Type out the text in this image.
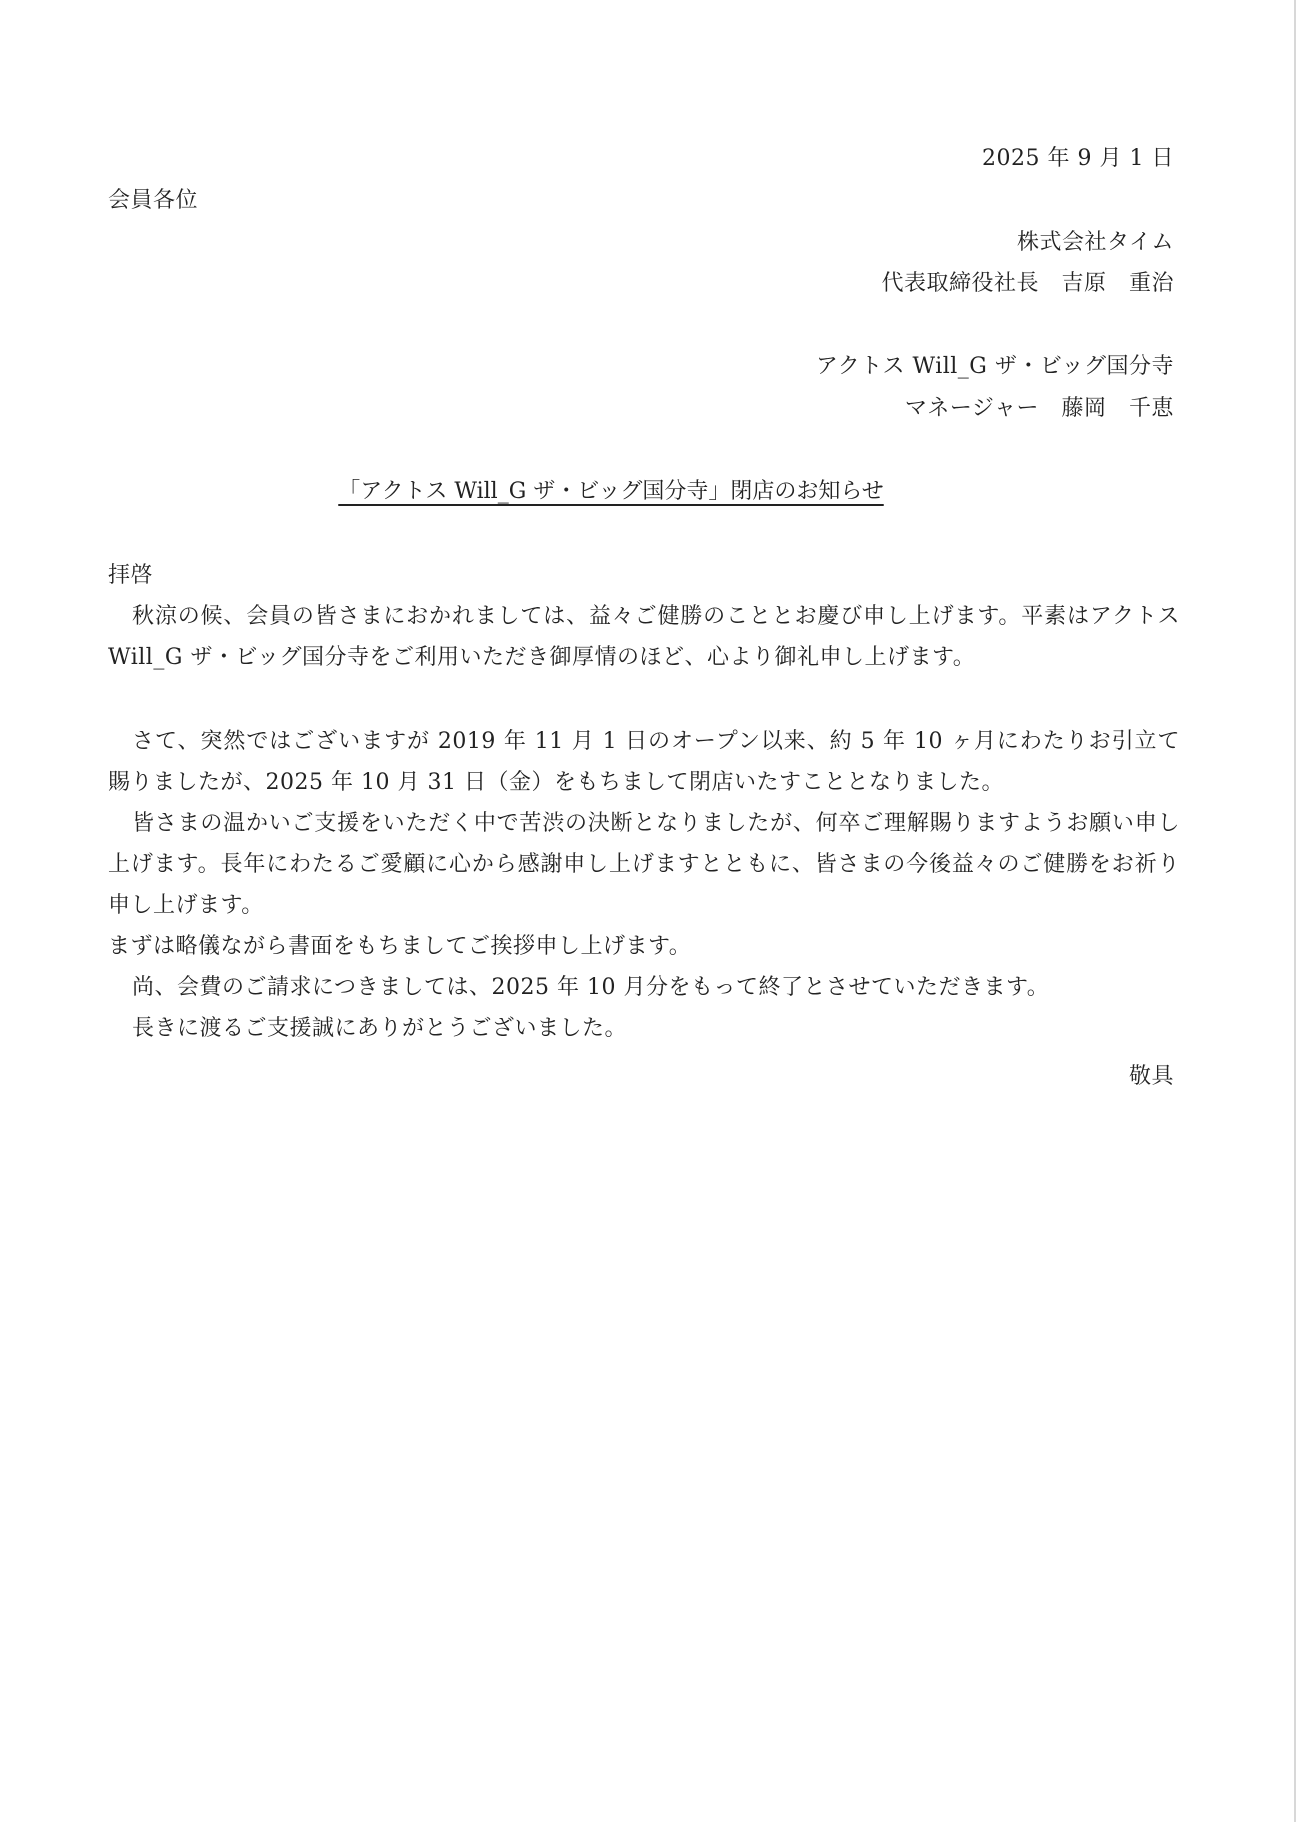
2025 年 9 月 1 日
会員各位
株式会社タイム
代表取締役社長　吉原　重治
アクトス Will_G ザ・ビッグ国分寺
マネージャー　藤岡　千恵
「アクトス Will_G ザ・ビッグ国分寺」閉店のお知らせ
拝啓

秋涼の候、会員の皆さまにおかれましては、益々ご健勝のこととお慶び申し上げます。平素はアクトス Will_G ザ・ビッグ国分寺をご利用いただき御厚情のほど、心より御礼申し上げます。

さて、突然ではございますが 2019 年 11 月 1 日のオープン以来、約 5 年 10 ヶ月にわたりお引立て賜りましたが、2025 年 10 月 31 日（金）をもちまして閉店いたすこととなりました。

皆さまの温かいご支援をいただく中で苦渋の決断となりましたが、何卒ご理解賜りますようお願い申し上げます。長年にわたるご愛顧に心から感謝申し上げますとともに、皆さまの今後益々のご健勝をお祈り申し上げます。

まずは略儀ながら書面をもちましてご挨拶申し上げます。

尚、会費のご請求につきましては、2025 年 10 月分をもって終了とさせていただきます。

長きに渡るご支援誠にありがとうございました。

敬具
